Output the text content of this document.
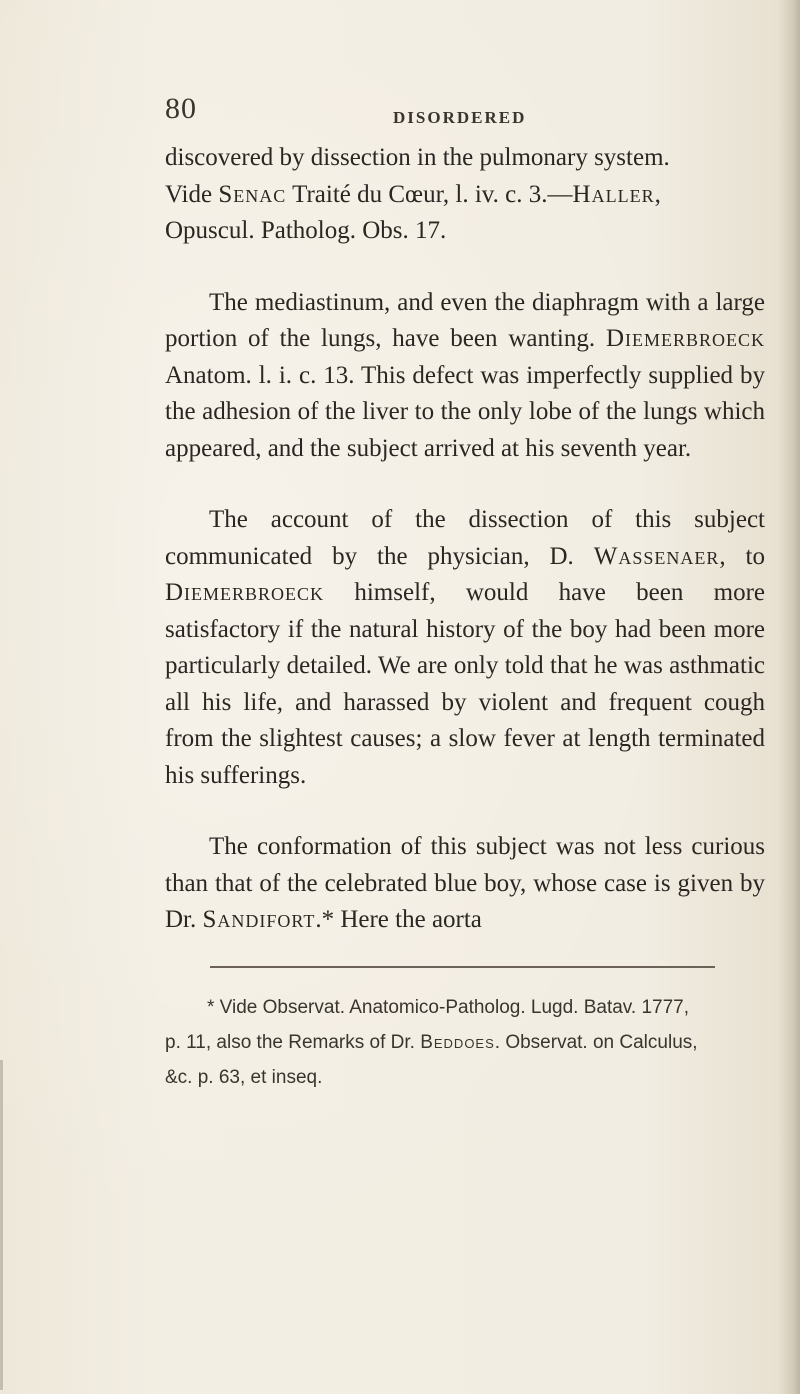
80	DISORDERED

discovered by dissection in the pulmonary system.
Vide Senac Traité du Cœur, l. iv. c. 3.—Haller,
Opuscul. Patholog. Obs. 17.

The mediastinum, and even the diaphragm with a large portion of the lungs, have been wanting. Diemerbroeck Anatom. l. i. c. 13. This defect was imperfectly supplied by the adhesion of the liver to the only lobe of the lungs which appeared, and the subject arrived at his seventh year.

The account of the dissection of this subject communicated by the physician, D. Wassenaer, to Diemerbroeck himself, would have been more satisfactory if the natural history of the boy had been more particularly detailed. We are only told that he was asthmatic all his life, and harassed by violent and frequent cough from the slightest causes; a slow fever at length terminated his sufferings.

The conformation of this subject was not less curious than that of the celebrated blue boy, whose case is given by Dr. Sandifort.* Here the aorta

* Vide Observat. Anatomico-Patholog. Lugd. Batav. 1777,
p. 11, also the Remarks of Dr. Beddoes. Observat. on Calculus,
&c. p. 63, et inseq.
